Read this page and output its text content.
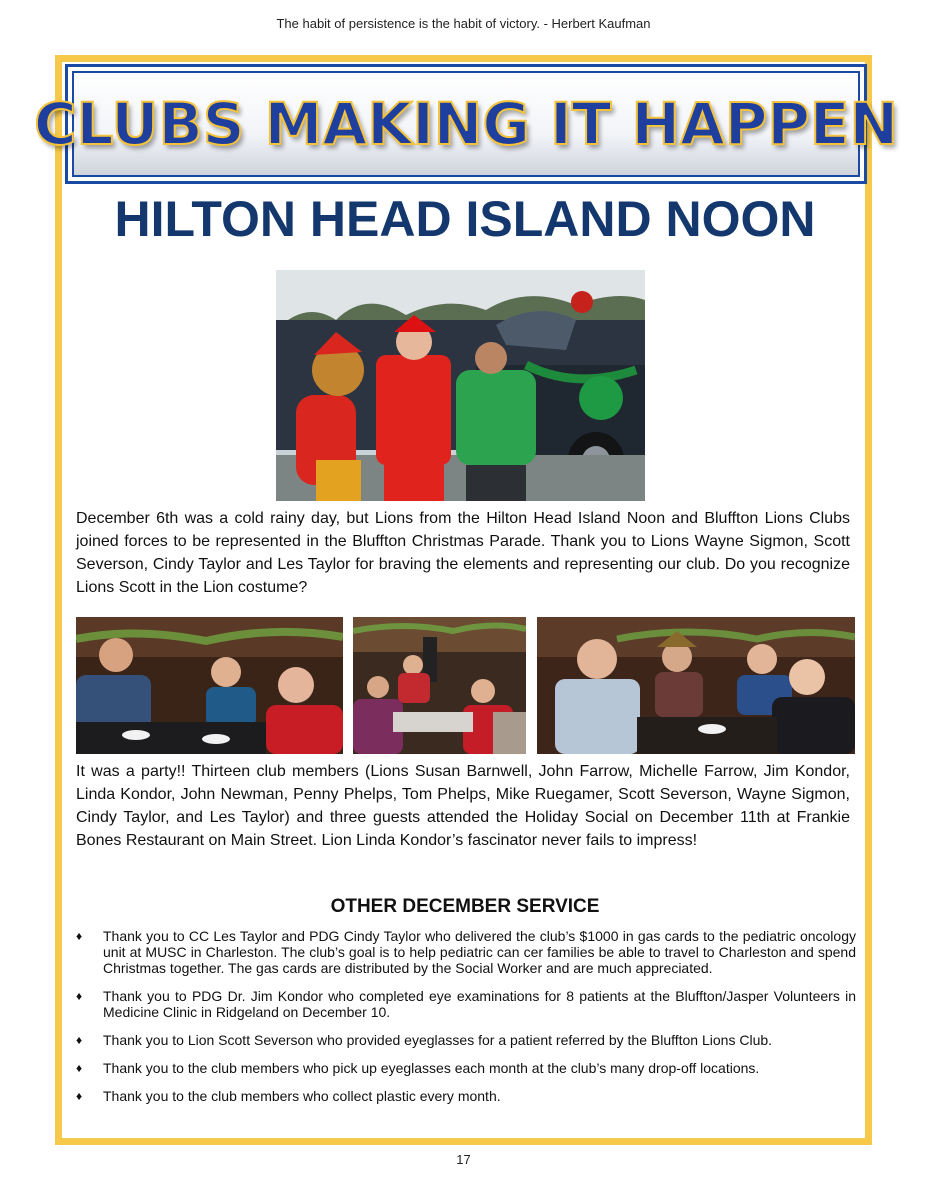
The habit of persistence is the habit of victory. - Herbert Kaufman
CLUBS MAKING IT HAPPEN
HILTON HEAD ISLAND NOON
December 6th was a cold rainy day, but Lions from the Hilton Head Island Noon and Bluffton Lions Clubs joined forces to be represented in the Bluffton Christmas Parade. Thank you to Lions Wayne Sigmon, Scott Severson, Cindy Taylor and Les Taylor for braving the elements and representing our club. Do you recognize Lions Scott in the Lion costume?
It was a party!! Thirteen club members (Lions Susan Barnwell, John Farrow, Michelle Farrow, Jim Kondor, Linda Kondor, John Newman, Penny Phelps, Tom Phelps, Mike Ruegamer, Scott Severson, Wayne Sigmon, Cindy Taylor, and Les Taylor) and three guests attended the Holiday Social on December 11th at Frankie Bones Restaurant on Main Street. Lion Linda Kondor’s fascinator never fails to impress!
OTHER DECEMBER SERVICE
♦ Thank you to CC Les Taylor and PDG Cindy Taylor who delivered the club’s $1000 in gas cards to the pediatric oncology unit at MUSC in Charleston. The club’s goal is to help pediatric can cer families be able to travel to Charleston and spend Christmas together. The gas cards are distributed by the Social Worker and are much appreciated.
♦ Thank you to PDG Dr. Jim Kondor who completed eye examinations for 8 patients at the Bluffton/Jasper Volunteers in Medicine Clinic in Ridgeland on December 10.
♦ Thank you to Lion Scott Severson who provided eyeglasses for a patient referred by the Bluffton Lions Club.
♦ Thank you to the club members who pick up eyeglasses each month at the club’s many drop-off locations.
♦ Thank you to the club members who collect plastic every month.
17
